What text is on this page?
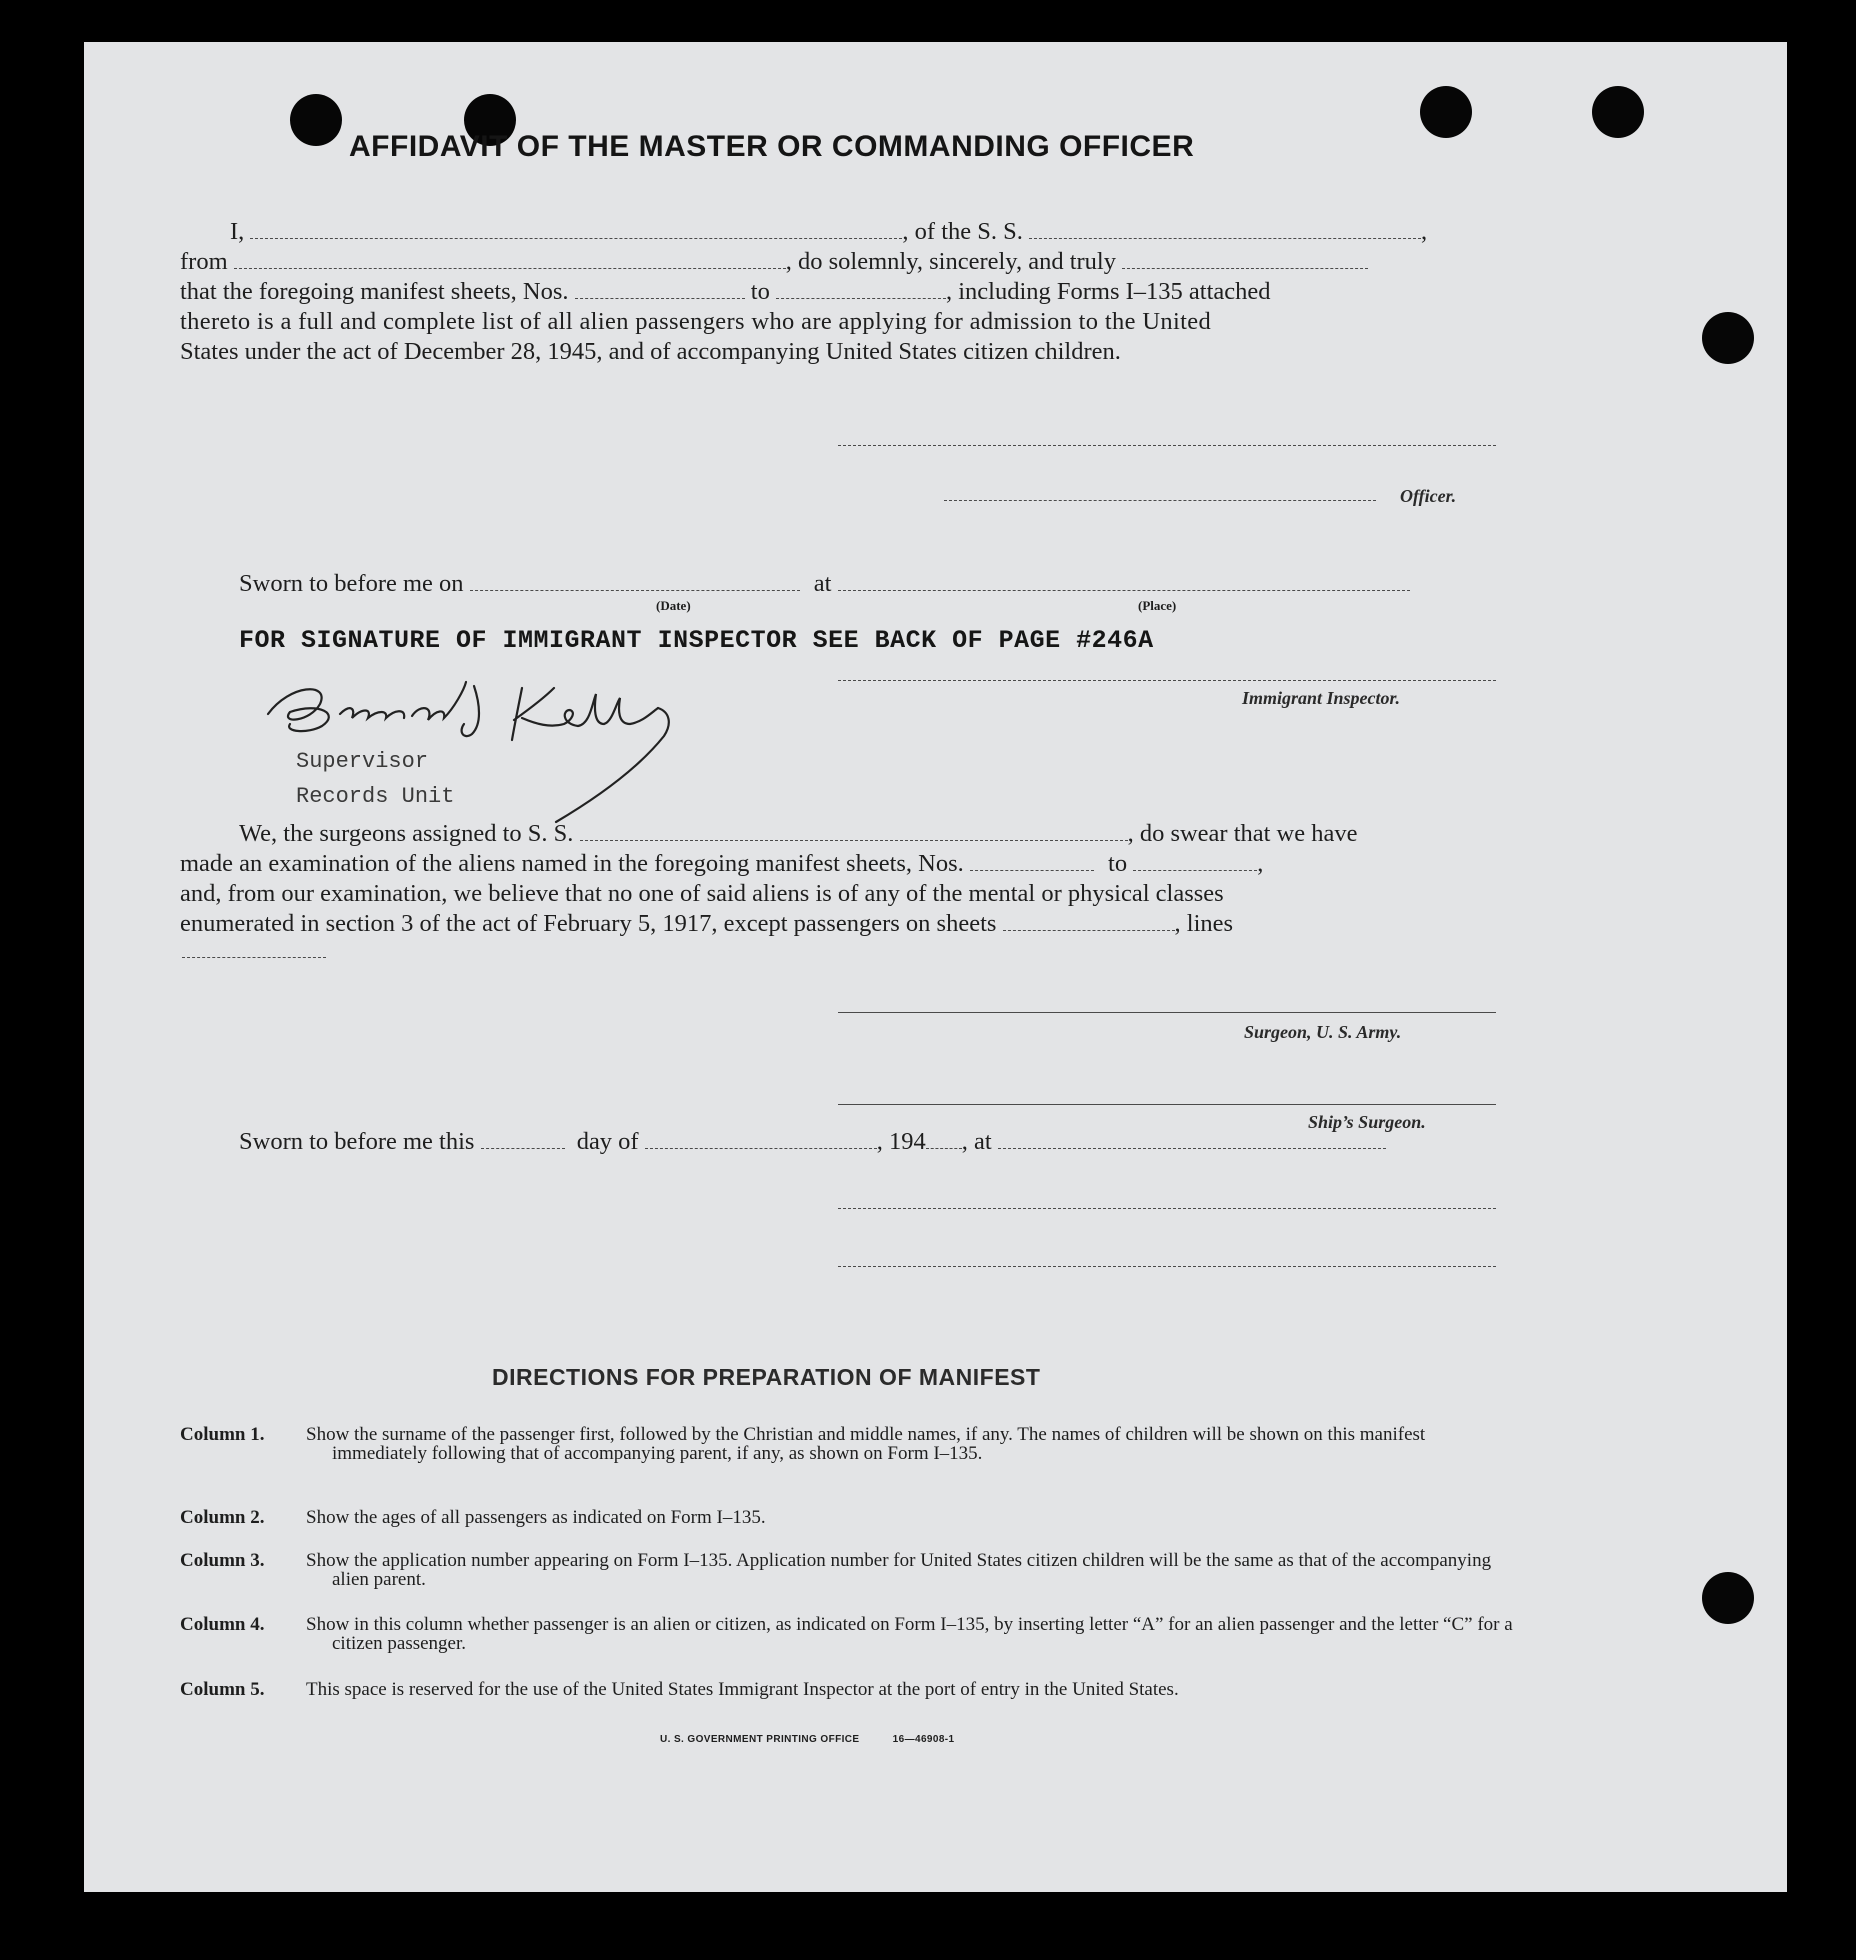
AFFIDAVIT OF THE MASTER OR COMMANDING OFFICER
I,	, of the S. S.	,
from	, do solemnly, sincerely, and truly
that the foregoing manifest sheets, Nos.	to	, including Forms I–135 attached
thereto is a full and complete list of all alien passengers who are applying for admission to the United
States under the act of December 28, 1945, and of accompanying United States citizen children.
Officer.
Sworn to before me on	at
(Date)	(Place)
FOR SIGNATURE OF IMMIGRANT INSPECTOR SEE BACK OF PAGE #246A
Immigrant Inspector.
Supervisor
Records Unit
We, the surgeons assigned to S. S.	, do swear that we have
made an examination of the aliens named in the foregoing manifest sheets, Nos.	to	,
and, from our examination, we believe that no one of said aliens is of any of the mental or physical classes
enumerated in section 3 of the act of February 5, 1917, except passengers on sheets	, lines
Surgeon, U. S. Army.
Ship’s Surgeon.
Sworn to before me this	day of	, 194 , at
DIRECTIONS FOR PREPARATION OF MANIFEST
Column 1. Show the surname of the passenger first, followed by the Christian and middle names, if any. The names of children will be shown on this manifest immediately following that of accompanying parent, if any, as shown on Form I–135.
Column 2. Show the ages of all passengers as indicated on Form I–135.
Column 3. Show the application number appearing on Form I–135. Application number for United States citizen children will be the same as that of the accompanying alien parent.
Column 4. Show in this column whether passenger is an alien or citizen, as indicated on Form I–135, by inserting letter “A” for an alien passenger and the letter “C” for a citizen passenger.
Column 5. This space is reserved for the use of the United States Immigrant Inspector at the port of entry in the United States.
U. S. GOVERNMENT PRINTING OFFICE	16—46908-1
